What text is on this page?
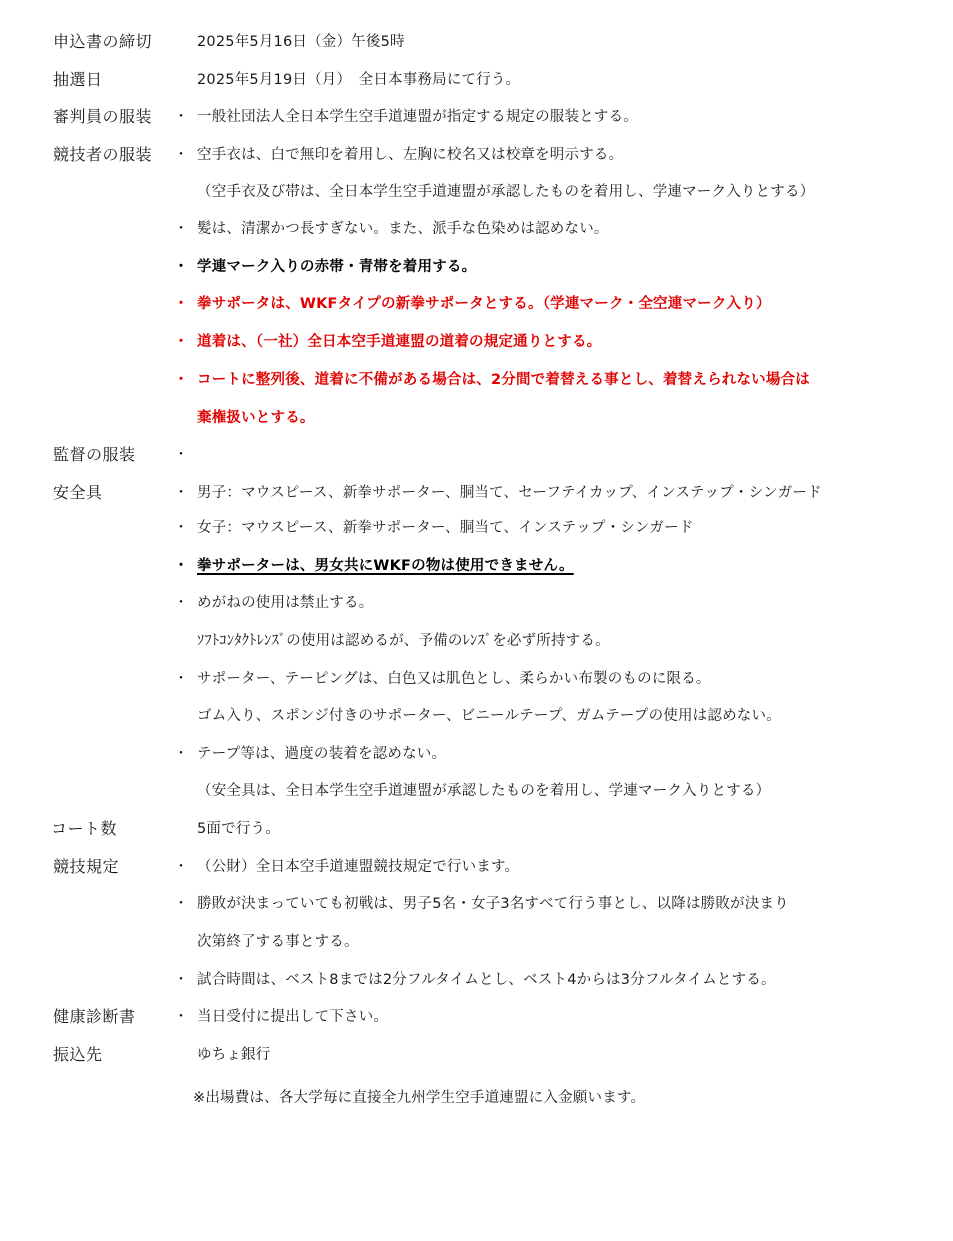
申込書の締切	2025年5月16日（金）午後5時
抽選日	2025年5月19日（月）　全日本事務局にて行う。
審判員の服装 ・ 一般社団法人全日本学生空手道連盟が指定する規定の服装とする。
競技者の服装 ・ 空手衣は、白で無印を着用し、左胸に校名又は校章を明示する。
（空手衣及び帯は、全日本学生空手道連盟が承認したものを着用し、学連マーク入りとする）
・ 髪は、清潔かつ長すぎない。また、派手な色染めは認めない。
・ 学連マーク入りの赤帯・青帯を着用する。
・ 拳サポータは、WKFタイプの新拳サポータとする。（学連マーク・全空連マーク入り）
・ 道着は、（一社）全日本空手道連盟の道着の規定通りとする。
・ コートに整列後、道着に不備がある場合は、2分間で着替える事とし、着替えられない場合は
棄権扱いとする。
監督の服装	・
安全具	・ 男子：マウスピース、新拳サポーター、胴当て、セーフテイカップ、インステップ・シンガード
・ 女子：マウスピース、新拳サポーター、胴当て、インステップ・シンガード
・ 拳サポーターは、男女共にWKFの物は使用できません。
・ めがねの使用は禁止する。
ｿﾌﾄｺﾝﾀｸﾄﾚﾝｽﾞの使用は認めるが、予備のﾚﾝｽﾞを必ず所持する。
・ サポーター、テーピングは、白色又は肌色とし、柔らかい布製のものに限る。
ゴム入り、スポンジ付きのサポーター、ビニールテープ、ガムテープの使用は認めない。
・ テープ等は、過度の装着を認めない。
（安全具は、全日本学生空手道連盟が承認したものを着用し、学連マーク入りとする）
コート数	5面で行う。
競技規定	・ （公財）全日本空手道連盟競技規定で行います。
・ 勝敗が決まっていても初戦は、男子5名・女子3名すべて行う事とし、以降は勝敗が決まり
次第終了する事とする。
・ 試合時間は、ベスト8までは2分フルタイムとし、ベスト4からは3分フルタイムとする。
健康診断書	・ 当日受付に提出して下さい。
振込先	ゆちょ銀行
※出場費は、各大学毎に直接全九州学生空手道連盟に入金願います。
